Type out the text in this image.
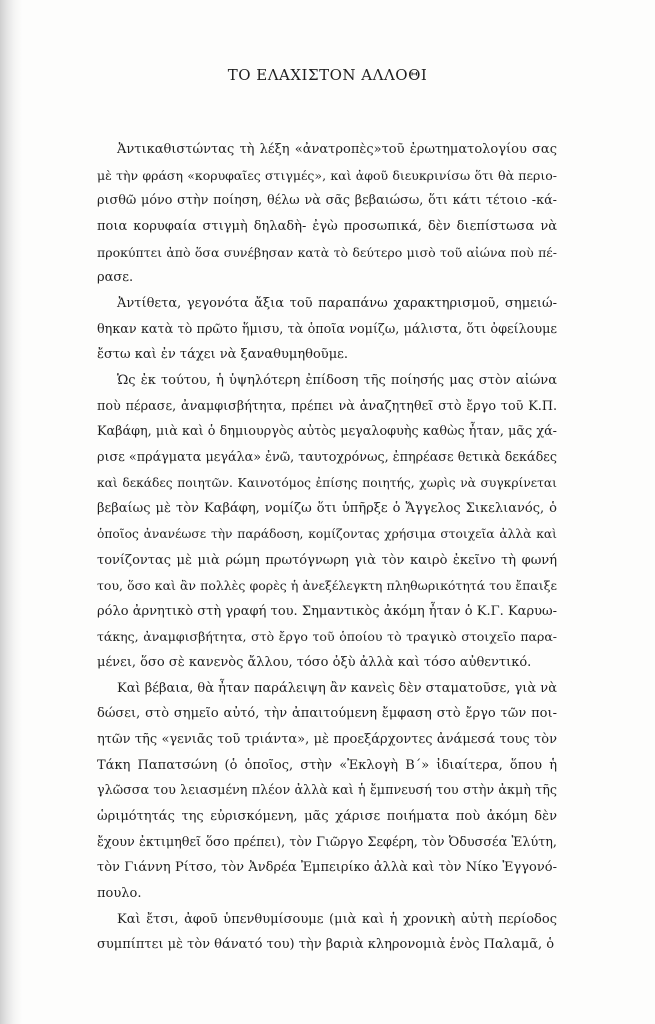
ΤΟ ΕΛΑΧΙΣΤΟΝ ΑΛΛΟΘΙ

Ἀντικαθιστώντας τὴ λέξη «ἀνατροπὲς»τοῦ ἐρωτηματολογίου σας
μὲ τὴν φράση «κορυφαῖες στιγμές», καὶ ἀφοῦ διευκρινίσω ὅτι θὰ περιο-
ρισθῶ μόνο στὴν ποίηση, θέλω νὰ σᾶς βεβαιώσω, ὅτι κάτι τέτοιο -κά-
ποια κορυφαία στιγμὴ δηλαδὴ- ἐγὼ προσωπικά, δὲν διεπίστωσα νὰ
προκύπτει ἀπὸ ὅσα συνέβησαν κατὰ τὸ δεύτερο μισὸ τοῦ αἰώνα ποὺ πέ-
ρασε.

Ἀντίθετα, γεγονότα ἄξια τοῦ παραπάνω χαρακτηρισμοῦ, σημειώ-
θηκαν κατὰ τὸ πρῶτο ἥμισυ, τὰ ὁποῖα νομίζω, μάλιστα, ὅτι ὀφείλουμε
ἔστω καὶ ἐν τάχει νὰ ξαναθυμηθοῦμε.

Ὡς ἐκ τούτου, ἡ ὑψηλότερη ἐπίδοση τῆς ποίησής μας στὸν αἰώνα
ποὺ πέρασε, ἀναμφισβήτητα, πρέπει νὰ ἀναζητηθεῖ στὸ ἔργο τοῦ Κ.Π.
Καβάφη, μιὰ καὶ ὁ δημιουργὸς αὐτὸς μεγαλοφυὴς καθὼς ἦταν, μᾶς χά-
ρισε «πράγματα μεγάλα» ἐνῶ, ταυτοχρόνως, ἐπηρέασε θετικὰ δεκάδες
καὶ δεκάδες ποιητῶν. Καινοτόμος ἐπίσης ποιητής, χωρὶς νὰ συγκρίνεται
βεβαίως μὲ τὸν Καβάφη, νομίζω ὅτι ὑπῆρξε ὁ Ἄγγελος Σικελιανός, ὁ
ὁποῖος ἀνανέωσε τὴν παράδοση, κομίζοντας χρήσιμα στοιχεῖα ἀλλὰ καὶ
τονίζοντας μὲ μιὰ ρώμη πρωτόγνωρη γιὰ τὸν καιρὸ ἐκεῖνο τὴ φωνή
του, ὅσο καὶ ἂν πολλὲς φορὲς ἡ ἀνεξέλεγκτη πληθωρικότητά του ἔπαιξε
ρόλο ἀρνητικὸ στὴ γραφή του. Σημαντικὸς ἀκόμη ἦταν ὁ Κ.Γ. Καρυω-
τάκης, ἀναμφισβήτητα, στὸ ἔργο τοῦ ὁποίου τὸ τραγικὸ στοιχεῖο παρα-
μένει, ὅσο σὲ κανενὸς ἄλλου, τόσο ὀξὺ ἀλλὰ καὶ τόσο αὐθεντικό.

Καὶ βέβαια, θὰ ἦταν παράλειψη ἂν κανεὶς δὲν σταματοῦσε, γιὰ νὰ
δώσει, στὸ σημεῖο αὐτό, τὴν ἀπαιτούμενη ἔμφαση στὸ ἔργο τῶν ποι-
ητῶν τῆς «γενιᾶς τοῦ τριάντα», μὲ προεξάρχοντες ἀνάμεσά τους τὸν
Τάκη Παπατσώνη (ὁ ὁποῖος, στὴν «Ἐκλογὴ Β΄» ἰδιαίτερα, ὅπου ἡ
γλῶσσα του λειασμένη πλέον ἀλλὰ καὶ ἡ ἔμπνευσή του στὴν ἀκμὴ τῆς
ὡριμότητάς της εὐρισκόμενη, μᾶς χάρισε ποιήματα ποὺ ἀκόμη δὲν
ἔχουν ἐκτιμηθεῖ ὅσο πρέπει), τὸν Γιῶργο Σεφέρη, τὸν Ὀδυσσέα Ἐλύτη,
τὸν Γιάννη Ρίτσο, τὸν Ἀνδρέα Ἐμπειρίκο ἀλλὰ καὶ τὸν Νίκο Ἐγγονό-
πουλο.

Καὶ ἔτσι, ἀφοῦ ὑπενθυμίσουμε (μιὰ καὶ ἡ χρονικὴ αὐτὴ περίοδος
συμπίπτει μὲ τὸν θάνατό του) τὴν βαριὰ κληρονομιὰ ἑνὸς Παλαμᾶ, ὁ
